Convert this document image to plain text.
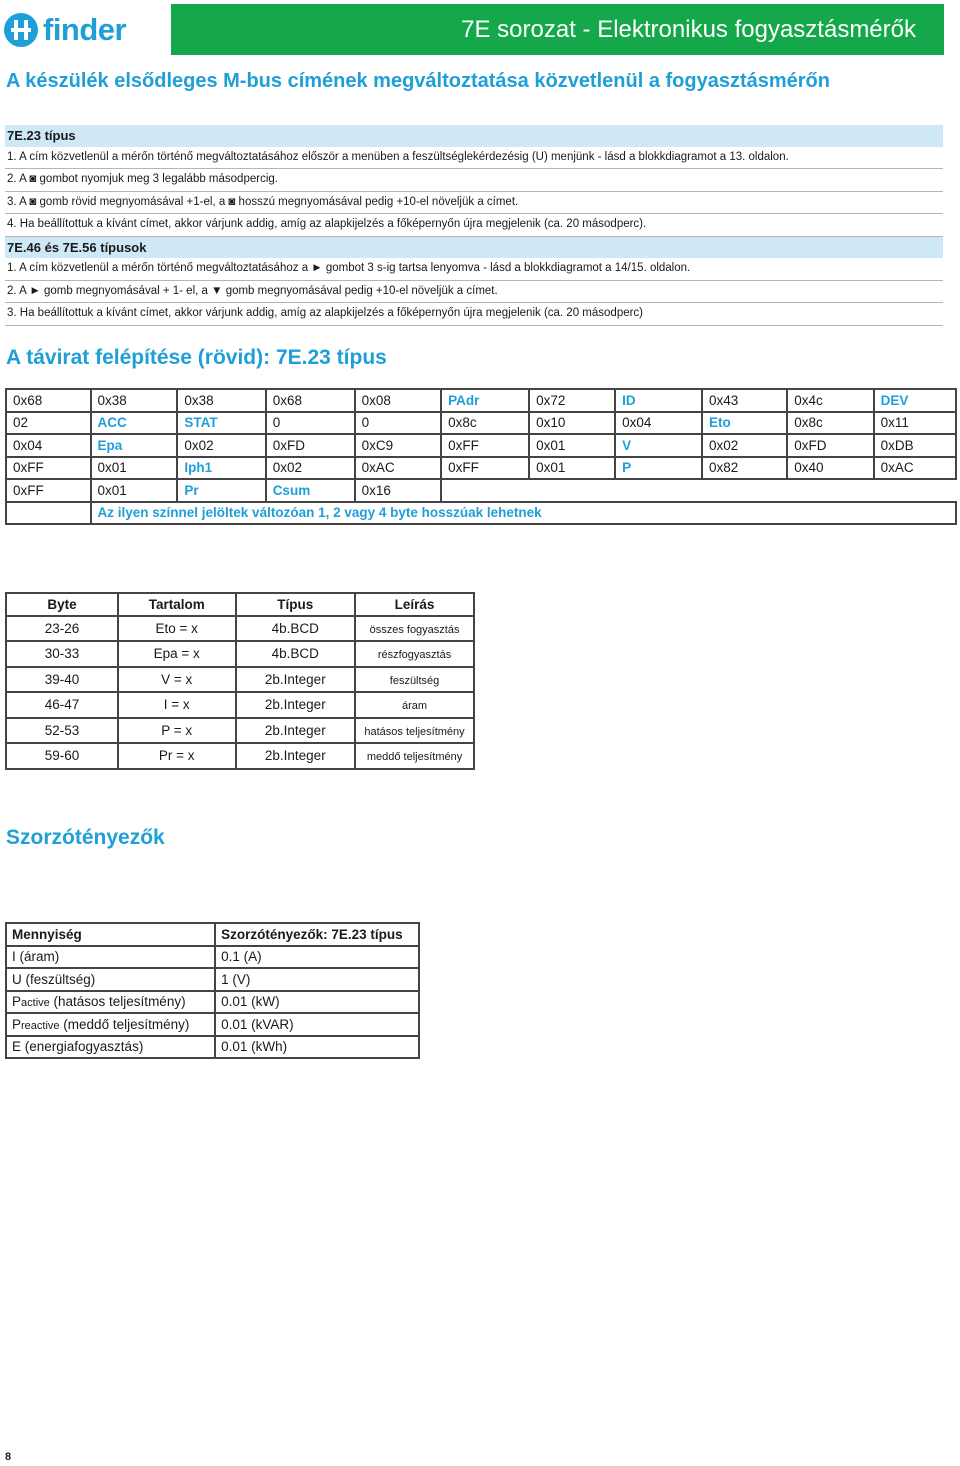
finder	7E sorozat - Elektronikus fogyasztásmérők
A készülék elsődleges M-bus címének megváltoztatása közvetlenül a fogyasztásmérőn
7E.23 típus
1. A cím közvetlenül a mérőn történő megváltoztatásához először a menüben a feszültséglekérdezésig (U) menjünk - lásd a blokkdiagramot a 13. oldalon.
2. A ◙ gombot nyomjuk meg 3 legalább másodpercig.
3. A ◙ gomb rövid megnyomásával +1-el, a ◙ hosszú megnyomásával pedig +10-el növeljük a címet.
4. Ha beállítottuk a kívánt címet, akkor várjunk addig, amíg az alapkijelzés a főképernyőn újra megjelenik (ca. 20 másodperc).
7E.46 és 7E.56 típusok
1. A cím közvetlenül a mérőn történő megváltoztatásához a ► gombot 3 s-ig tartsa lenyomva - lásd a blokkdiagramot a 14/15. oldalon.
2. A ► gomb megnyomásával + 1- el, a ▼ gomb megnyomásával pedig +10-el növeljük a címet.
3. Ha beállítottuk a kívánt címet, akkor várjunk addig, amíg az alapkijelzés a főképernyőn újra megjelenik (ca. 20 másodperc)
A távirat felépítése (rövid): 7E.23 típus
0x68	0x38	0x38	0x68	0x08	PAdr	0x72	ID	0x43	0x4c	DEV
02	ACC	STAT	0	0	0x8c	0x10	0x04	Eto	0x8c	0x11
0x04	Epa	0x02	0xFD	0xC9	0xFF	0x01	V	0x02	0xFD	0xDB
0xFF	0x01	Iph1	0x02	0xAC	0xFF	0x01	P	0x82	0x40	0xAC
0xFF	0x01	Pr	Csum	0x16						
	Az ilyen színnel jelöltek változóan 1, 2 vagy 4 byte hosszúak lehetnek									
Byte	Tartalom	Típus	Leírás
23-26	Eto = x	4b.BCD	összes fogyasztás
30-33	Epa = x	4b.BCD	részfogyasztás
39-40	V = x	2b.Integer	feszültség
46-47	I = x	2b.Integer	áram
52-53	P = x	2b.Integer	hatásos teljesítmény
59-60	Pr = x	2b.Integer	meddő teljesítmény
Szorzótényezők
Mennyiség	Szorzótényezők: 7E.23 típus
I (áram)	0.1 (A)
U (feszültség)	1 (V)
Pactive (hatásos teljesítmény)	0.01 (kW)
Preactive (meddő teljesítmény)	0.01 (kVAR)
E (energiafogyasztás)	0.01 (kWh)
8
